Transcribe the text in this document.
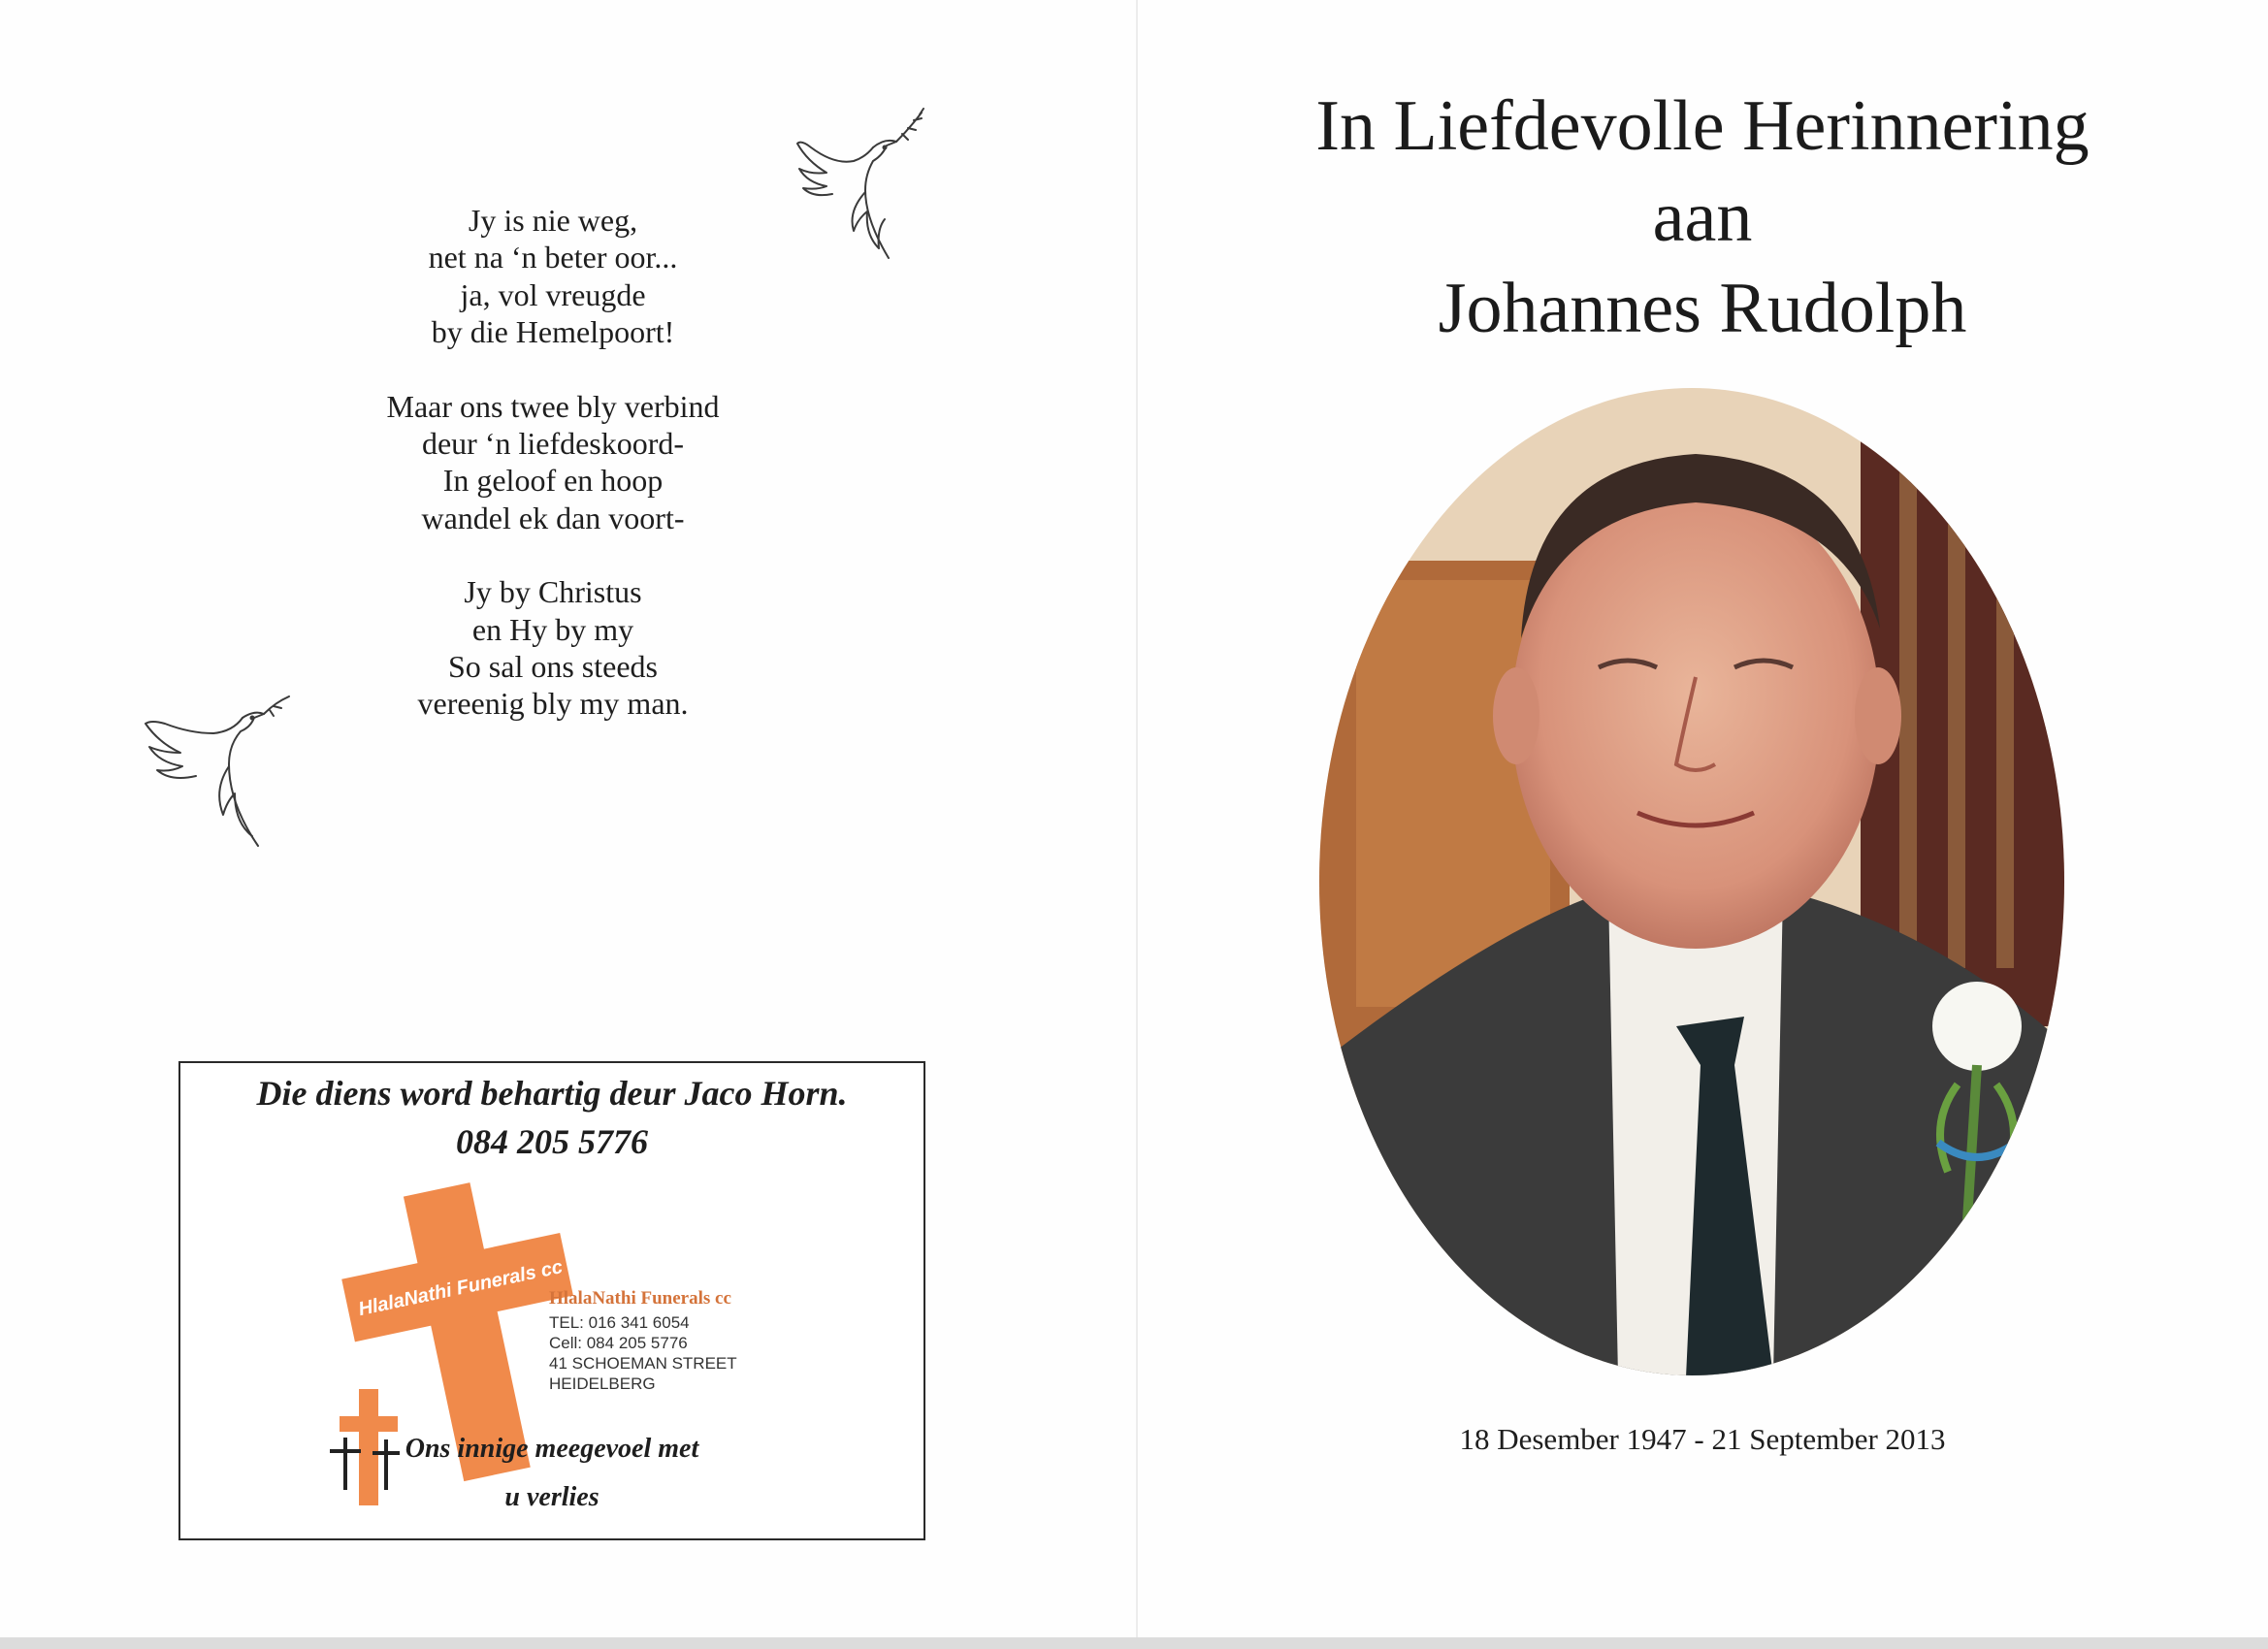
Jy is nie weg,
net na ‘n beter oor...
ja, vol vreugde
by die Hemelpoort!
Maar ons twee bly verbind
deur ‘n liefdeskoord-
In geloof en hoop
wandel ek dan voort-
Jy by Christus
en Hy by my
So sal ons steeds
vereenig bly my man.
Die diens word behartig deur Jaco Horn.
084 205 5776
HlalaNathi Funerals cc
HlalaNathi Funerals cc
TEL: 016 341 6054
Cell: 084 205 5776
41 SCHOEMAN STREET
HEIDELBERG
Ons innige meegevoel met
u verlies
In Liefdevolle Herinnering
aan
Johannes Rudolph
18 Desember 1947 - 21 September 2013
